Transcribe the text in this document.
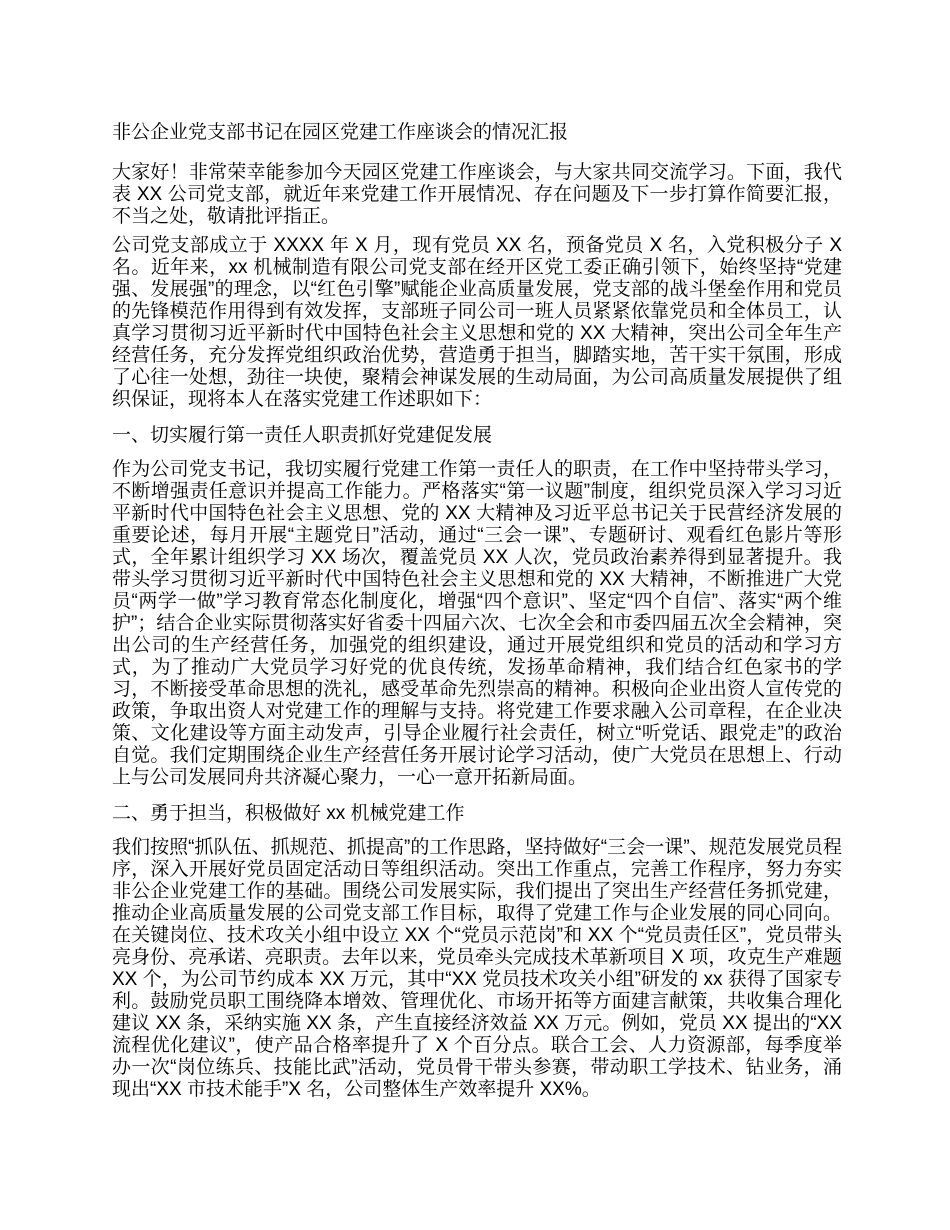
非公企业党支部书记在园区党建工作座谈会的情况汇报

大家好！非常荣幸能参加今天园区党建工作座谈会，与大家共同交流学习。下面，我代表 XX 公司党支部，就近年来党建工作开展情况、存在问题及下一步打算作简要汇报，不当之处，敬请批评指正。

公司党支部成立于 XXXX 年 X 月，现有党员 XX 名，预备党员 X 名，入党积极分子 X 名。近年来，xx 机械制造有限公司党支部在经开区党工委正确引领下，始终坚持“党建强、发展强”的理念，以“红色引擎”赋能企业高质量发展，党支部的战斗堡垒作用和党员的先锋模范作用得到有效发挥，支部班子同公司一班人员紧紧依靠党员和全体员工，认真学习贯彻习近平新时代中国特色社会主义思想和党的 XX 大精神，突出公司全年生产经营任务，充分发挥党组织政治优势，营造勇于担当，脚踏实地，苦干实干氛围，形成了心往一处想，劲往一块使，聚精会神谋发展的生动局面，为公司高质量发展提供了组织保证，现将本人在落实党建工作述职如下：

一、切实履行第一责任人职责抓好党建促发展

作为公司党支书记，我切实履行党建工作第一责任人的职责，在工作中坚持带头学习，不断增强责任意识并提高工作能力。严格落实“第一议题”制度，组织党员深入学习习近平新时代中国特色社会主义思想、党的 XX 大精神及习近平总书记关于民营经济发展的重要论述，每月开展“主题党日”活动，通过“三会一课”、专题研讨、观看红色影片等形式，全年累计组织学习 XX 场次，覆盖党员 XX 人次，党员政治素养得到显著提升。我带头学习贯彻习近平新时代中国特色社会主义思想和党的 XX 大精神，不断推进广大党员“两学一做”学习教育常态化制度化，增强“四个意识”、坚定“四个自信”、落实“两个维护”；结合企业实际贯彻落实好省委十四届六次、七次全会和市委四届五次全会精神，突出公司的生产经营任务，加强党的组织建设，通过开展党组织和党员的活动和学习方式，为了推动广大党员学习好党的优良传统，发扬革命精神，我们结合红色家书的学习，不断接受革命思想的洗礼，感受革命先烈崇高的精神。积极向企业出资人宣传党的政策，争取出资人对党建工作的理解与支持。将党建工作要求融入公司章程，在企业决策、文化建设等方面主动发声，引导企业履行社会责任，树立“听党话、跟党走”的政治自觉。我们定期围绕企业生产经营任务开展讨论学习活动，使广大党员在思想上、行动上与公司发展同舟共济凝心聚力，一心一意开拓新局面。

二、勇于担当，积极做好 xx 机械党建工作

我们按照“抓队伍、抓规范、抓提高”的工作思路，坚持做好“三会一课”、规范发展党员程序，深入开展好党员固定活动日等组织活动。突出工作重点，完善工作程序，努力夯实非公企业党建工作的基础。围绕公司发展实际，我们提出了突出生产经营任务抓党建，推动企业高质量发展的公司党支部工作目标，取得了党建工作与企业发展的同心同向。在关键岗位、技术攻关小组中设立 XX 个“党员示范岗”和 XX 个“党员责任区”，党员带头亮身份、亮承诺、亮职责。去年以来，党员牵头完成技术革新项目 X 项，攻克生产难题 XX 个，为公司节约成本 XX 万元，其中“XX 党员技术攻关小组”研发的 xx 获得了国家专利。鼓励党员职工围绕降本增效、管理优化、市场开拓等方面建言献策，共收集合理化建议 XX 条，采纳实施 XX 条，产生直接经济效益 XX 万元。例如，党员 XX 提出的“XX 流程优化建议”，使产品合格率提升了 X 个百分点。联合工会、人力资源部，每季度举办一次“岗位练兵、技能比武”活动，党员骨干带头参赛，带动职工学技术、钻业务，涌现出“XX 市技术能手”X 名，公司整体生产效率提升 XX%。
